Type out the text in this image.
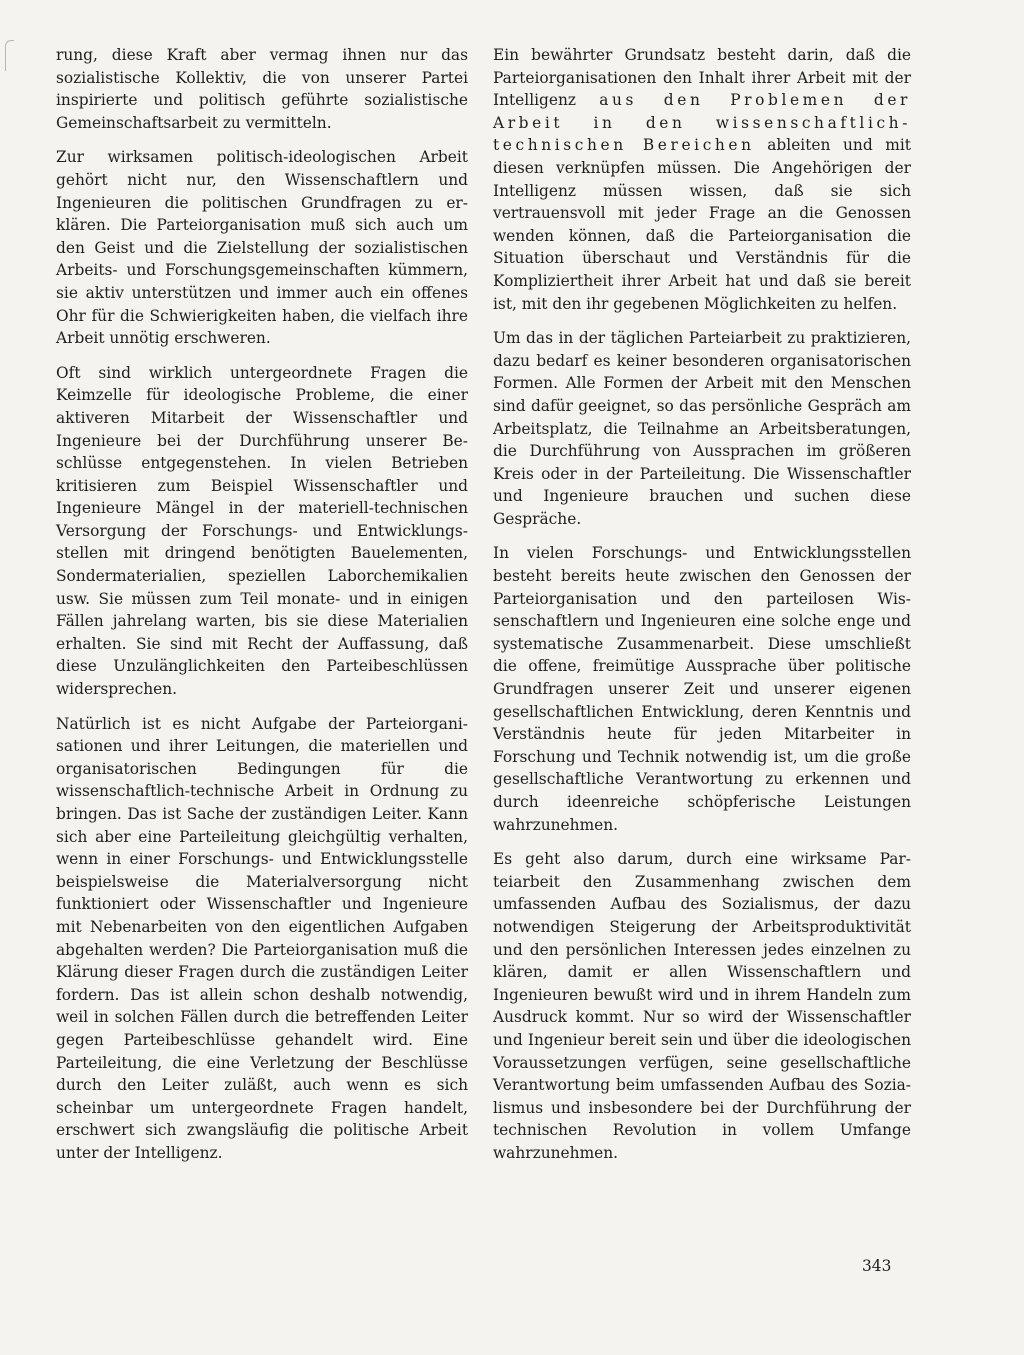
rung, diese Kraft aber vermag ihnen nur das sozialistische Kollektiv, die von unserer Partei inspirierte und politisch geführte sozialistische Gemeinschaftsarbeit zu vermitteln.

Zur wirksamen politisch-ideologischen Arbeit gehört nicht nur, den Wissenschaftlern und Ingenieuren die politischen Grundfragen zu erklären. Die Parteiorganisation muß sich auch um den Geist und die Zielstellung der sozialistischen Arbeits- und Forschungsgemeinschaften kümmern, sie aktiv unterstützen und immer auch ein offenes Ohr für die Schwierigkeiten haben, die vielfach ihre Arbeit unnötig erschweren.

Oft sind wirklich untergeordnete Fragen die Keimzelle für ideologische Probleme, die einer aktiveren Mitarbeit der Wissenschaftler und Ingenieure bei der Durchführung unserer Beschlüsse entgegenstehen. In vielen Betrieben kritisieren zum Beispiel Wissenschaftler und Ingenieure Mängel in der materiell-technischen Versorgung der Forschungs- und Entwicklungsstellen mit dringend benötigten Bauelementen, Sondermaterialien, speziellen Laborchemikalien usw. Sie müssen zum Teil monate- und in einigen Fällen jahrelang warten, bis sie diese Materialien erhalten. Sie sind mit Recht der Auffassung, daß diese Unzulänglichkeiten den Parteibeschlüssen widersprechen.

Natürlich ist es nicht Aufgabe der Parteiorganisationen und ihrer Leitungen, die materiellen und organisatorischen Bedingungen für die wissenschaftlich-technische Arbeit in Ordnung zu bringen. Das ist Sache der zuständigen Leiter. Kann sich aber eine Parteileitung gleichgültig verhalten, wenn in einer Forschungs- und Entwicklungsstelle beispielsweise die Materialversorgung nicht funktioniert oder Wissenschaftler und Ingenieure mit Nebenarbeiten von den eigentlichen Aufgaben abgehalten werden? Die Parteiorganisation muß die Klärung dieser Fragen durch die zuständigen Leiter fordern. Das ist allein schon deshalb notwendig, weil in solchen Fällen durch die betreffenden Leiter gegen Parteibeschlüsse gehandelt wird. Eine Parteileitung, die eine Verletzung der Beschlüsse durch den Leiter zuläßt, auch wenn es sich scheinbar um untergeordnete Fragen handelt, erschwert sich zwangsläufig die politische Arbeit unter der Intelligenz.

Ein bewährter Grundsatz besteht darin, daß die Parteiorganisationen den Inhalt ihrer Arbeit mit der Intelligenz aus den Problemen der Arbeit in den wissenschaftlich-technischen Bereichen ableiten und mit diesen verknüpfen müssen. Die Angehörigen der Intelligenz müssen wissen, daß sie sich vertrauensvoll mit jeder Frage an die Genossen wenden können, daß die Parteiorganisation die Situation überschaut und Verständnis für die Kompliziertheit ihrer Arbeit hat und daß sie bereit ist, mit den ihr gegebenen Möglichkeiten zu helfen.

Um das in der täglichen Parteiarbeit zu praktizieren, dazu bedarf es keiner besonderen organisatorischen Formen. Alle Formen der Arbeit mit den Menschen sind dafür geeignet, so das persönliche Gespräch am Arbeitsplatz, die Teilnahme an Arbeitsberatungen, die Durchführung von Aussprachen im größeren Kreis oder in der Parteileitung. Die Wissenschaftler und Ingenieure brauchen und suchen diese Gespräche.

In vielen Forschungs- und Entwicklungsstellen besteht bereits heute zwischen den Genossen der Parteiorganisation und den parteilosen Wissenschaftlern und Ingenieuren eine solche enge und systematische Zusammenarbeit. Diese umschließt die offene, freimütige Aussprache über politische Grundfragen unserer Zeit und unserer eigenen gesellschaftlichen Entwicklung, deren Kenntnis und Verständnis heute für jeden Mitarbeiter in Forschung und Technik notwendig ist, um die große gesellschaftliche Verantwortung zu erkennen und durch ideenreiche schöpferische Leistungen wahrzunehmen.

Es geht also darum, durch eine wirksame Parteiarbeit den Zusammenhang zwischen dem umfassenden Aufbau des Sozialismus, der dazu notwendigen Steigerung der Arbeitsproduktivität und den persönlichen Interessen jedes einzelnen zu klären, damit er allen Wissenschaftlern und Ingenieuren bewußt wird und in ihrem Handeln zum Ausdruck kommt. Nur so wird der Wissenschaftler und Ingenieur bereit sein und über die ideologischen Voraussetzungen verfügen, seine gesellschaftliche Verantwortung beim umfassenden Aufbau des Sozialismus und insbesondere bei der Durchführung der technischen Revolution in vollem Umfange wahrzunehmen.

343
